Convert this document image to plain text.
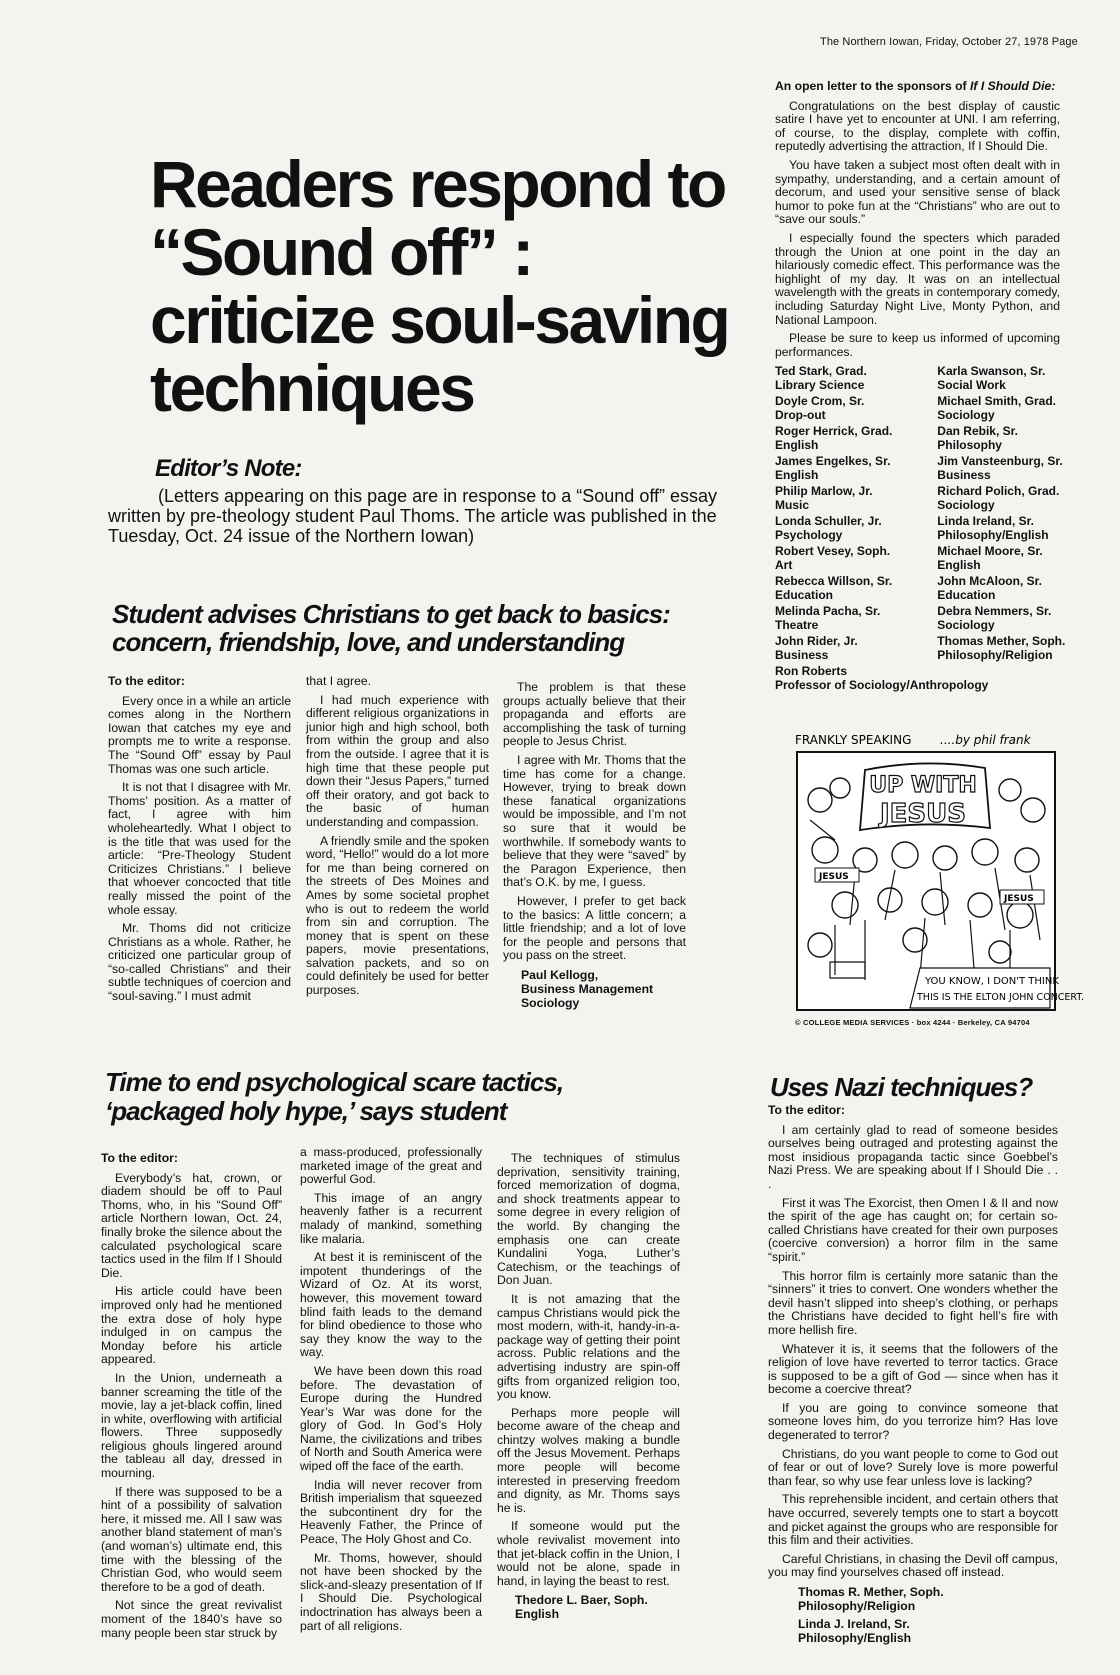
The Northern Iowan, Friday, October 27, 1978 Page
Readers respond to
“Sound off” :
criticize soul-saving
techniques
Editor’s Note:

(Letters appearing on this page are in response to a “Sound off” essay written by pre-theology student Paul Thoms. The article was published in the Tuesday, Oct. 24 issue of the Northern Iowan)

Student advises Christians to get back to basics: concern, friendship, love, and understanding

To the editor:

Every once in a while an article comes along in the Northern Iowan that catches my eye and prompts me to write a response. The “Sound Off” essay by Paul Thomas was one such article.

It is not that I disagree with Mr. Thoms’ position. As a matter of fact, I agree with him wholeheartedly. What I object to is the title that was used for the article: “Pre-Theology Student Criticizes Christians.” I believe that whoever concocted that title really missed the point of the whole essay.

Mr. Thoms did not criticize Christians as a whole. Rather, he criticized one particular group of “so-called Christians” and their subtle techniques of coercion and “soul-saving.” I must admit

that I agree.

I had much experience with different religious organizations in junior high and high school, both from within the group and also from the outside. I agree that it is high time that these people put down their “Jesus Papers,” turned off their oratory, and got back to the basic of human understanding and compassion.

A friendly smile and the spoken word, “Hello!” would do a lot more for me than being cornered on the streets of Des Moines and Ames by some societal prophet who is out to redeem the world from sin and corruption. The money that is spent on these papers, movie presentations, salvation packets, and so on could definitely be used for better purposes.

The problem is that these groups actually believe that their propaganda and efforts are accomplishing the task of turning people to Jesus Christ.

I agree with Mr. Thoms that the time has come for a change. However, trying to break down these fanatical organizations would be impossible, and I’m not so sure that it would be worthwhile. If somebody wants to believe that they were “saved” by the Paragon Experience, then that’s O.K. by me, I guess.

However, I prefer to get back to the basics: A little concern; a little friendship; and a lot of love for the people and persons that you pass on the street.

Paul Kellogg,

Business Management

Sociology

An open letter to the sponsors of If I Should Die:

Congratulations on the best display of caustic satire I have yet to encounter at UNI. I am referring, of course, to the display, complete with coffin, reputedly advertising the attraction, If I Should Die.

You have taken a subject most often dealt with in sympathy, understanding, and a certain amount of decorum, and used your sensitive sense of black humor to poke fun at the “Christians” who are out to “save our souls.”

I especially found the specters which paraded through the Union at one point in the day an hilariously comedic effect. This performance was the highlight of my day. It was on an intellectual wavelength with the greats in contemporary comedy, including Saturday Night Live, Monty Python, and National Lampoon.

Please be sure to keep us informed of upcoming performances.

Ted Stark, Grad.
Library Science
Karla Swanson, Sr.
Social Work
Doyle Crom, Sr.
Drop-out
Michael Smith, Grad.
Sociology
Roger Herrick, Grad.
English
Dan Rebik, Sr.
Philosophy
James Engelkes, Sr.
English
Jim Vansteenburg, Sr.
Business
Philip Marlow, Jr.
Music
Richard Polich, Grad.
Sociology
Londa Schuller, Jr.
Psychology
Linda Ireland, Sr.
Philosophy/English
Robert Vesey, Soph.
Art
Michael Moore, Sr.
English
Rebecca Willson, Sr.
Education
John McAloon, Sr.
Education
Melinda Pacha, Sr.
Theatre
Debra Nemmers, Sr.
Sociology
John Rider, Jr.
Business
Thomas Mether, Soph.
Philosophy/Religion
Ron Roberts
Professor of Sociology/Anthropology
FRANKLY SPEAKING ....by phil frank
UP WITH
JESUS
JESUS
JESUS
YOU KNOW, I DON'T THINK
THIS IS THE ELTON JOHN CONCERT.
© COLLEGE MEDIA SERVICES · box 4244 · Berkeley, CA 94704
Time to end psychological scare tactics,
‘packaged holy hype,’ says student

To the editor:

Everybody’s hat, crown, or diadem should be off to Paul Thoms, who, in his “Sound Off” article Northern Iowan, Oct. 24, finally broke the silence about the calculated psychological scare tactics used in the film If I Should Die.

His article could have been improved only had he mentioned the extra dose of holy hype indulged in on campus the Monday before his article appeared.

In the Union, underneath a banner screaming the title of the movie, lay a jet-black coffin, lined in white, overflowing with artificial flowers. Three supposedly religious ghouls lingered around the tableau all day, dressed in mourning.

If there was supposed to be a hint of a possibility of salvation here, it missed me. All I saw was another bland statement of man’s (and woman’s) ultimate end, this time with the blessing of the Christian God, who would seem therefore to be a god of death.

Not since the great revivalist moment of the 1840’s have so many people been star struck by

a mass-produced, professionally marketed image of the great and powerful God.

This image of an angry heavenly father is a recurrent malady of mankind, something like malaria.

At best it is reminiscent of the impotent thunderings of the Wizard of Oz. At its worst, however, this movement toward blind faith leads to the demand for blind obedience to those who say they know the way to the way.

We have been down this road before. The devastation of Europe during the Hundred Year’s War was done for the glory of God. In God’s Holy Name, the civilizations and tribes of North and South America were wiped off the face of the earth.

India will never recover from British imperialism that squeezed the subcontinent dry for the Heavenly Father, the Prince of Peace, The Holy Ghost and Co.

Mr. Thoms, however, should not have been shocked by the slick-and-sleazy presentation of If I Should Die. Psychological indoctrination has always been a part of all religions.

The techniques of stimulus deprivation, sensitivity training, forced memorization of dogma, and shock treatments appear to some degree in every religion of the world. By changing the emphasis one can create Kundalini Yoga, Luther’s Catechism, or the teachings of Don Juan.

It is not amazing that the campus Christians would pick the most modern, with-it, handy-in-a-package way of getting their point across. Public relations and the advertising industry are spin-off gifts from organized religion too, you know.

Perhaps more people will become aware of the cheap and chintzy wolves making a bundle off the Jesus Movement. Perhaps more people will become interested in preserving freedom and dignity, as Mr. Thoms says he is.

If someone would put the whole revivalist movement into that jet-black coffin in the Union, I would not be alone, spade in hand, in laying the beast to rest.

Thedore L. Baer, Soph.

English

Uses Nazi techniques?

To the editor:

I am certainly glad to read of someone besides ourselves being outraged and protesting against the most insidious propaganda tactic since Goebbel’s Nazi Press. We are speaking about If I Should Die . . .

First it was The Exorcist, then Omen I & II and now the spirit of the age has caught on; for certain so-called Christians have created for their own purposes (coercive conversion) a horror film in the same “spirit.”

This horror film is certainly more satanic than the “sinners” it tries to convert. One wonders whether the devil hasn’t slipped into sheep’s clothing, or perhaps the Christians have decided to fight hell’s fire with more hellish fire.

Whatever it is, it seems that the followers of the religion of love have reverted to terror tactics. Grace is supposed to be a gift of God — since when has it become a coercive threat?

If you are going to convince someone that someone loves him, do you terrorize him? Has love degenerated to terror?

Christians, do you want people to come to God out of fear or out of love? Surely love is more powerful than fear, so why use fear unless love is lacking?

This reprehensible incident, and certain others that have occurred, severely tempts one to start a boycott and picket against the groups who are responsible for this film and their activities.

Careful Christians, in chasing the Devil off campus, you may find yourselves chased off instead.

Thomas R. Mether, Soph.

Philosophy/Religion

Linda J. Ireland, Sr.

Philosophy/English
